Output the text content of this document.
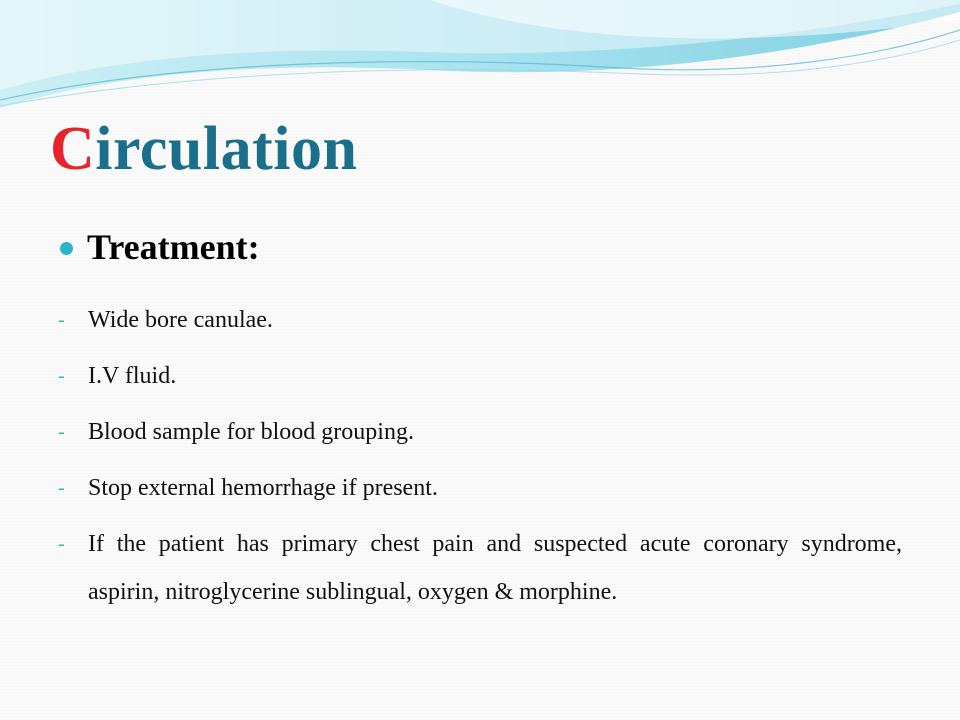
Circulation
Treatment:
- Wide bore canulae.
- I.V fluid.
- Blood sample for blood grouping.
- Stop external hemorrhage if present.
- If the patient has primary chest pain and suspected acute coronary syndrome, aspirin, nitroglycerine sublingual, oxygen & morphine.
